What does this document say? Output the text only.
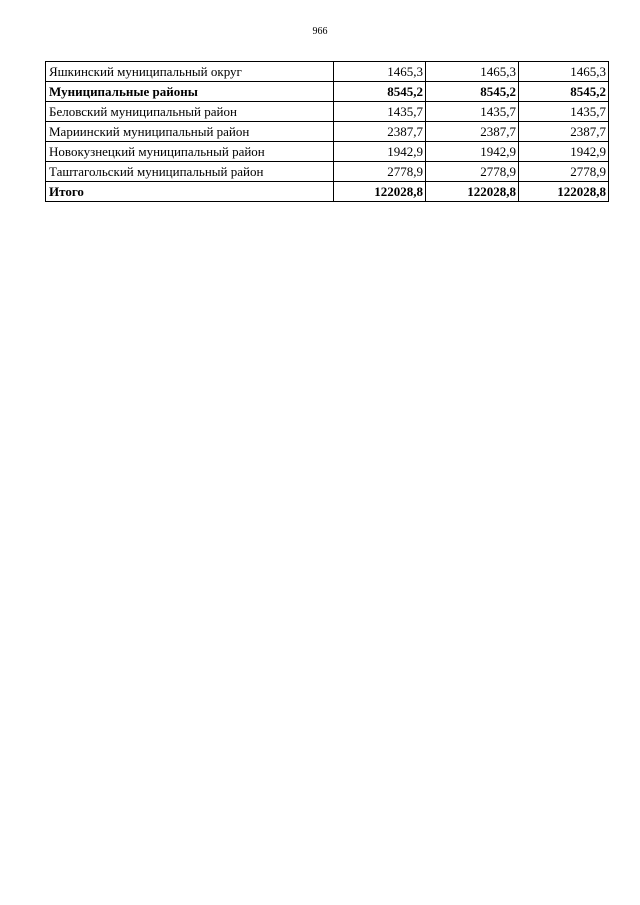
966
Яшкинский муниципальный округ	1465,3	1465,3	1465,3
Муниципальные районы	8545,2	8545,2	8545,2
Беловский муниципальный район	1435,7	1435,7	1435,7
Мариинский муниципальный район	2387,7	2387,7	2387,7
Новокузнецкий муниципальный район	1942,9	1942,9	1942,9
Таштагольский муниципальный район	2778,9	2778,9	2778,9
Итого	122028,8	122028,8	122028,8
